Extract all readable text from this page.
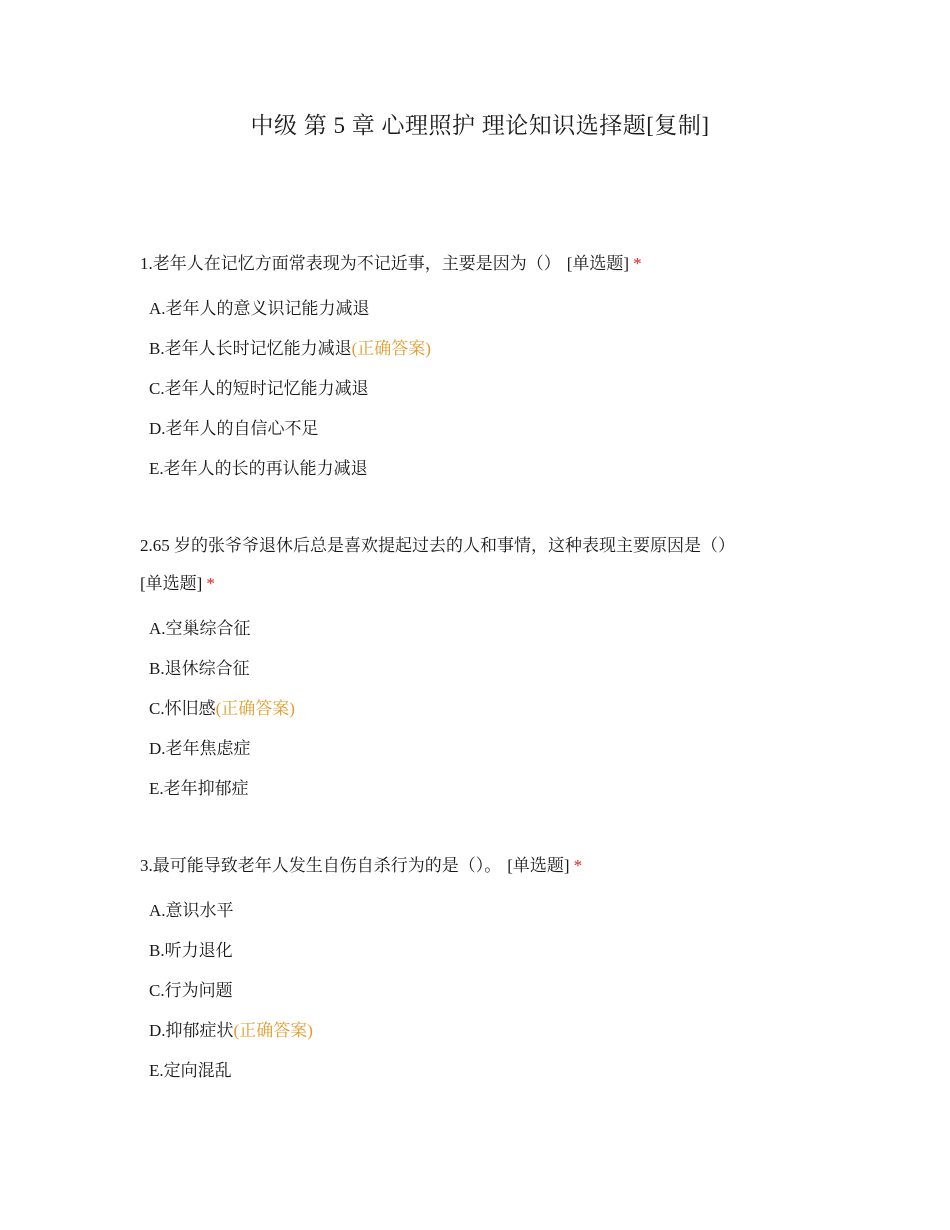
中级 第 5 章 心理照护 理论知识选择题[复制]

1.老年人在记忆方面常表现为不记近事，主要是因为（） [单选题] *

A.老年人的意义识记能力减退
B.老年人长时记忆能力减退(正确答案)
C.老年人的短时记忆能力减退
D.老年人的自信心不足
E.老年人的长的再认能力减退

2.65 岁的张爷爷退休后总是喜欢提起过去的人和事情，这种表现主要原因是（）
[单选题] *

A.空巢综合征
B.退休综合征
C.怀旧感(正确答案)
D.老年焦虑症
E.老年抑郁症

3.最可能导致老年人发生自伤自杀行为的是（）。 [单选题] *

A.意识水平
B.听力退化
C.行为问题
D.抑郁症状(正确答案)
E.定向混乱
